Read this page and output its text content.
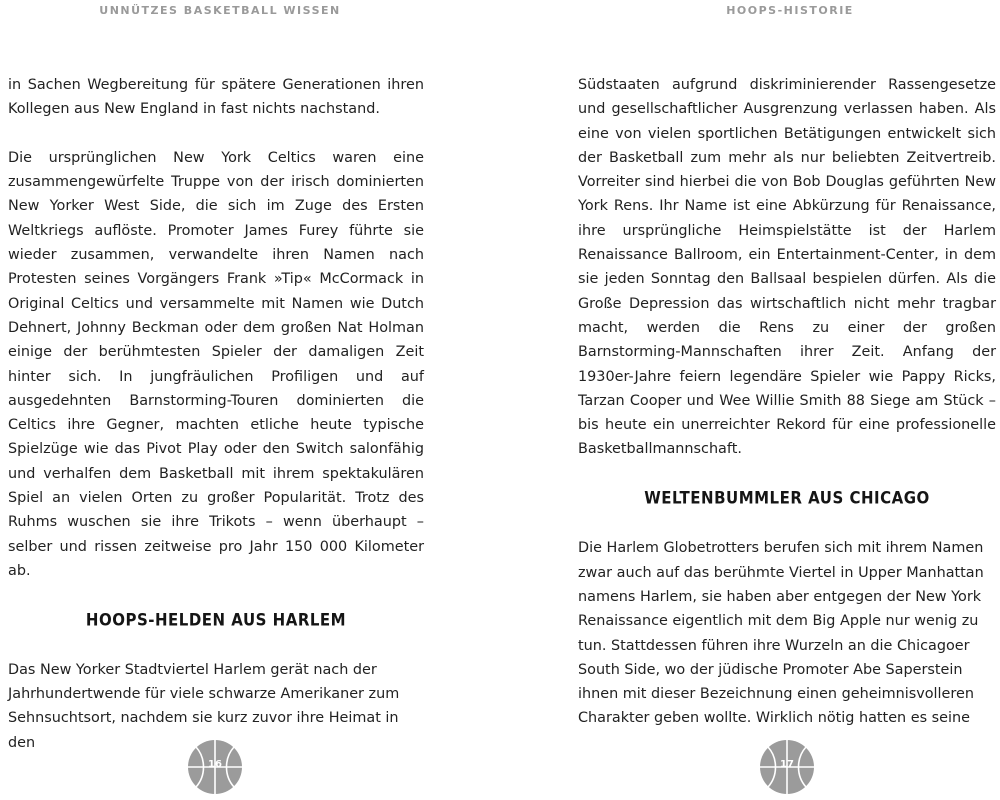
UNNÜTZES BASKETBALL WISSEN

in Sachen Wegbereitung für spätere Generationen ihren Kollegen aus New England in fast nichts nachstand.

Die ursprünglichen New York Celtics waren eine zusammengewürfelte Truppe von der irisch dominierten New Yorker West Side, die sich im Zuge des Ersten Weltkriegs auflöste. Promoter James Furey führte sie wieder zusammen, verwandelte ihren Namen nach Protesten seines Vorgängers Frank »Tip« McCormack in Original Celtics und versammelte mit Namen wie Dutch Dehnert, Johnny Beckman oder dem großen Nat Holman einige der berühmtesten Spieler der damaligen Zeit hinter sich. In jungfräulichen Profiligen und auf ausgedehnten Barnstorming-Touren dominierten die Celtics ihre Gegner, machten etliche heute typische Spielzüge wie das Pivot Play oder den Switch salonfähig und verhalfen dem Basketball mit ihrem spektakulären Spiel an vielen Orten zu großer Popularität. Trotz des Ruhms wuschen sie ihre Trikots – wenn überhaupt – selber und rissen zeitweise pro Jahr 150 000 Kilometer ab.

HOOPS-HELDEN AUS HARLEM

Das New Yorker Stadtviertel Harlem gerät nach der Jahrhundertwende für viele schwarze Amerikaner zum Sehnsuchtsort, nachdem sie kurz zuvor ihre Heimat in den

16
HOOPS-HISTORIE

Südstaaten aufgrund diskriminierender Rassengesetze und gesellschaftlicher Ausgrenzung verlassen haben. Als eine von vielen sportlichen Betätigungen entwickelt sich der Basketball zum mehr als nur beliebten Zeitvertreib. Vorreiter sind hierbei die von Bob Douglas geführten New York Rens. Ihr Name ist eine Abkürzung für Renaissance, ihre ursprüngliche Heimspielstätte ist der Harlem Renaissance Ballroom, ein Entertainment-Center, in dem sie jeden Sonntag den Ballsaal bespielen dürfen. Als die Große Depression das wirtschaftlich nicht mehr tragbar macht, werden die Rens zu einer der großen Barnstorming-Mannschaften ihrer Zeit. Anfang der 1930er-Jahre feiern legendäre Spieler wie Pappy Ricks, Tarzan Cooper und Wee Willie Smith 88 Siege am Stück – bis heute ein unerreichter Rekord für eine professionelle Basketballmannschaft.

WELTENBUMMLER AUS CHICAGO

Die Harlem Globetrotters berufen sich mit ihrem Namen zwar auch auf das berühmte Viertel in Upper Manhattan namens Harlem, sie haben aber entgegen der New York Renaissance eigentlich mit dem Big Apple nur wenig zu tun. Stattdessen führen ihre Wurzeln an die Chicagoer South Side, wo der jüdische Promoter Abe Saperstein ihnen mit dieser Bezeichnung einen geheimnisvolleren Charakter geben wollte. Wirklich nötig hatten es seine

17
